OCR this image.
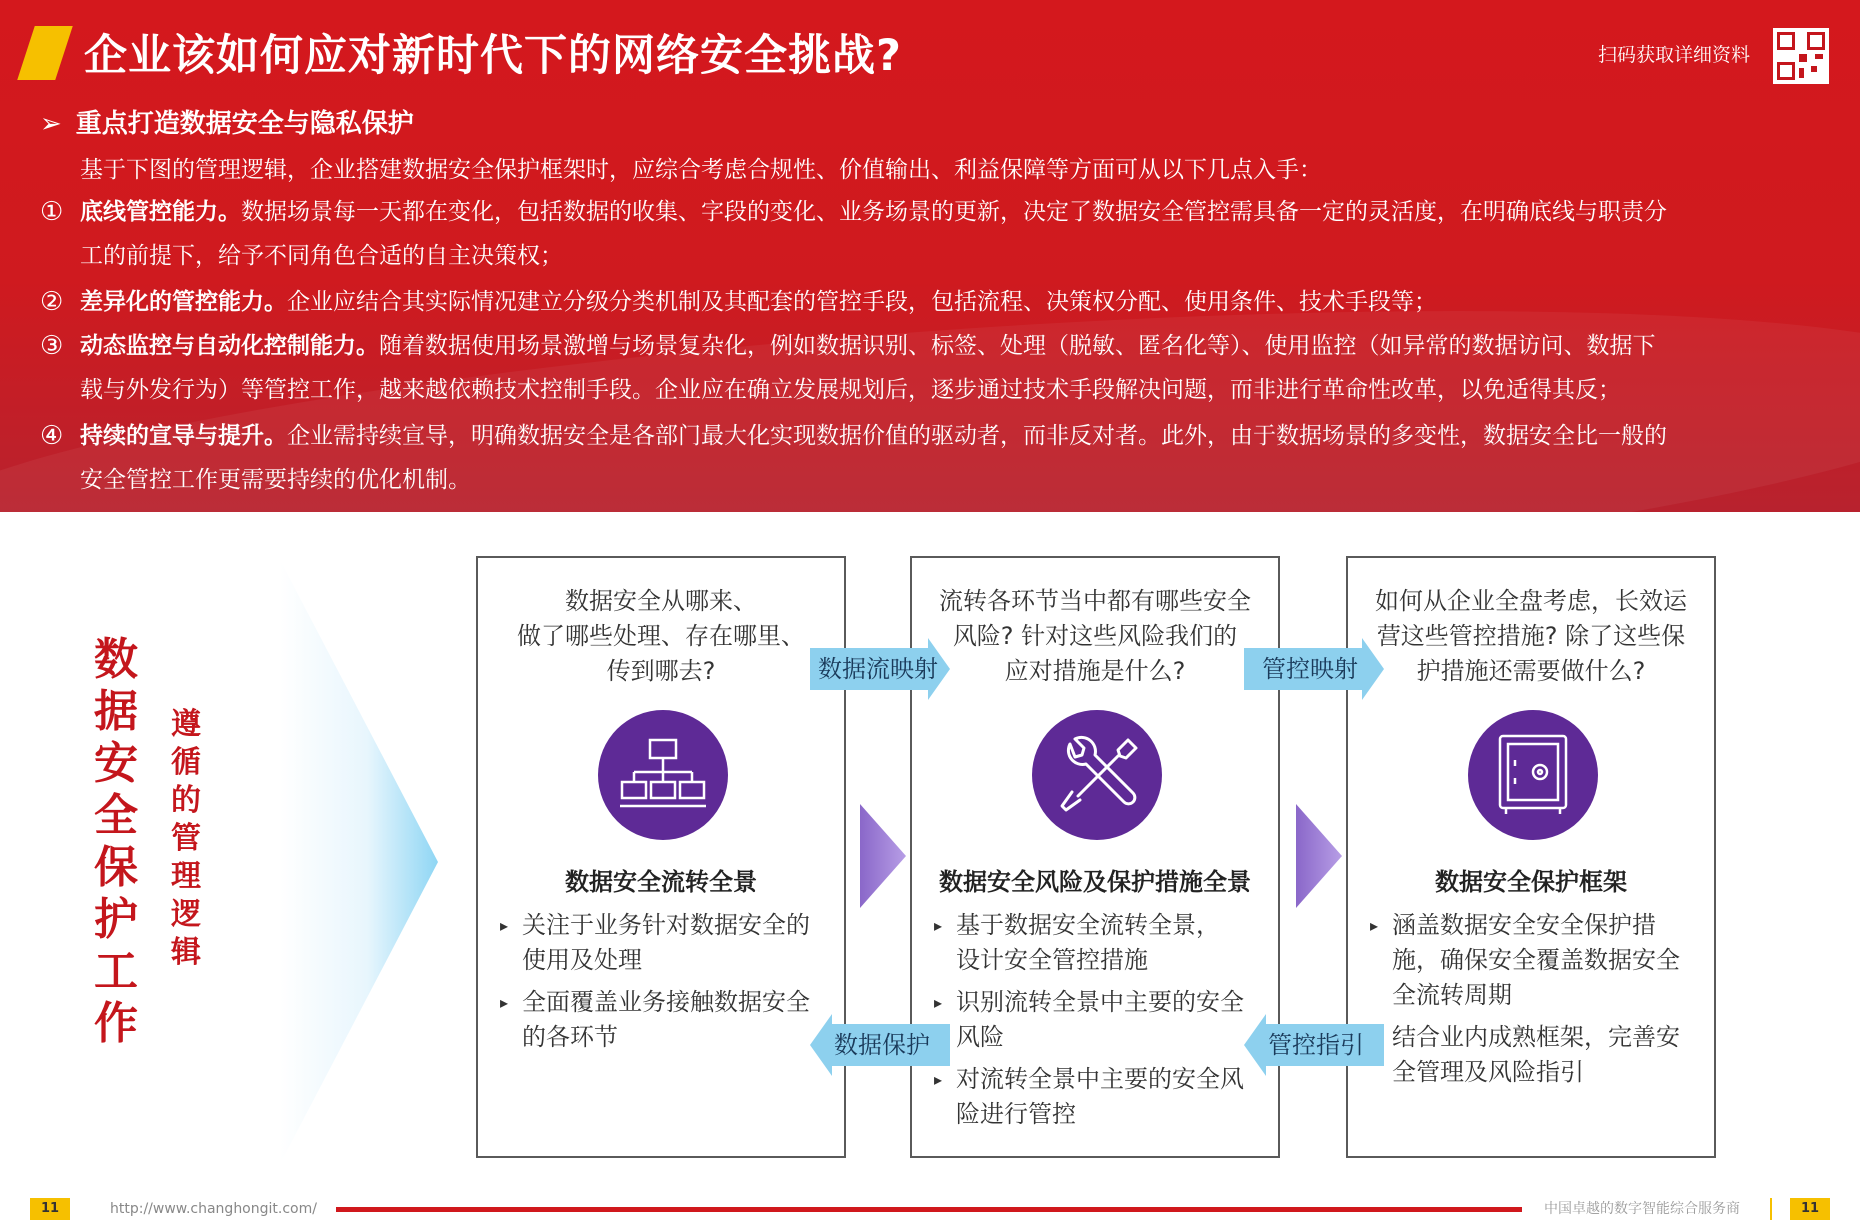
企业该如何应对新时代下的网络安全挑战?	扫码获取详细资料
➢ 重点打造数据安全与隐私保护
基于下图的管理逻辑，企业搭建数据安全保护框架时，应综合考虑合规性、价值输出、利益保障等方面可从以下几点入手：
① 底线管控能力。数据场景每一天都在变化，包括数据的收集、字段的变化、业务场景的更新，决定了数据安全管控需具备一定的灵活度，在明确底线与职责分
工的前提下，给予不同角色合适的自主决策权；
② 差异化的管控能力。企业应结合其实际情况建立分级分类机制及其配套的管控手段，包括流程、决策权分配、使用条件、技术手段等；
③ 动态监控与自动化控制能力。随着数据使用场景激增与场景复杂化，例如数据识别、标签、处理（脱敏、匿名化等）、使用监控（如异常的数据访问、数据下
载与外发行为）等管控工作，越来越依赖技术控制手段。企业应在确立发展规划后，逐步通过技术手段解决问题，而非进行革命性改革，以免适得其反；
④ 持续的宣导与提升。企业需持续宣导，明确数据安全是各部门最大化实现数据价值的驱动者，而非反对者。此外，由于数据场景的多变性，数据安全比一般的
安全管控工作更需要持续的优化机制。
数
据
安
全
保
护
工
作
遵
循
的
管
理
逻
辑
数据安全从哪来、
做了哪些处理、存在哪里、
传到哪去?
数据安全流转全景
▸ 关注于业务针对数据安全的
使用及处理
▸ 全面覆盖业务接触数据安全
的各环节
流转各环节当中都有哪些安全
风险? 针对这些风险我们的
应对措施是什么?
数据安全风险及保护措施全景
▸ 基于数据安全流转全景，
设计安全管控措施
▸ 识别流转全景中主要的安全
风险
▸ 对流转全景中主要的安全风
险进行管控
如何从企业全盘考虑，长效运
营这些管控措施? 除了这些保
护措施还需要做什么?
数据安全保护框架
▸ 涵盖数据安全安全保护措
施，确保安全覆盖数据安全
全流转周期
结合业内成熟框架，完善安
全管理及风险指引
数据流映射	管控映射
数据保护	管控指引
11	http://www.changhongit.com/	中国卓越的数字智能综合服务商	11
